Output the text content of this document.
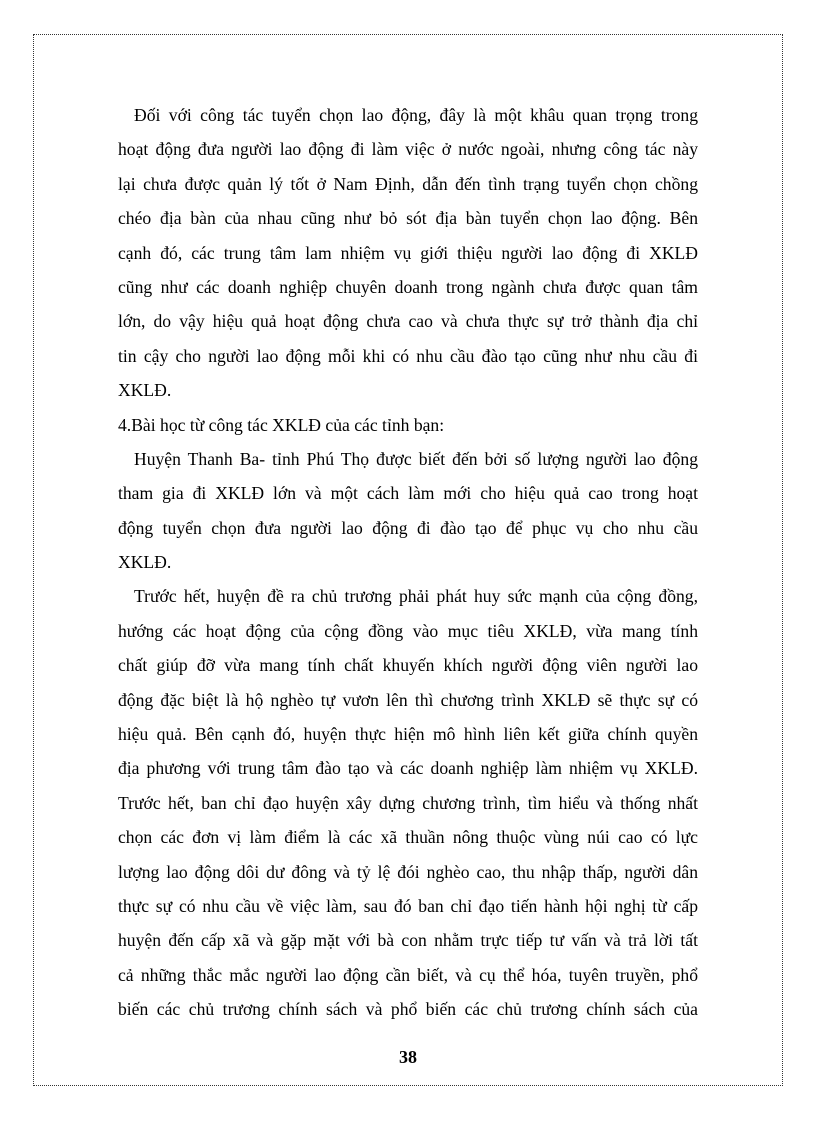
Đối với công tác tuyển chọn lao động, đây là một khâu quan trọng trong
hoạt động đưa người lao động đi làm việc ở nước ngoài, nhưng công tác này
lại chưa được quản lý tốt ở Nam Định, dẫn đến tình trạng tuyển chọn chồng
chéo địa bàn của nhau cũng như bỏ sót địa bàn tuyển chọn lao động. Bên
cạnh đó, các trung tâm lam nhiệm vụ giới thiệu người lao động đi XKLĐ
cũng như các doanh nghiệp chuyên doanh trong ngành chưa được quan tâm
lớn, do vậy hiệu quả hoạt động chưa cao và chưa thực sự trở thành địa chỉ
tin cậy cho người lao động mỗi khi có nhu cầu đào tạo cũng như nhu cầu đi
XKLĐ.
4.Bài học từ công tác XKLĐ của các tỉnh bạn:
Huyện Thanh Ba- tỉnh Phú Thọ được biết đến bởi số lượng người lao động
tham gia đi XKLĐ lớn và một cách làm mới cho hiệu quả cao trong hoạt
động tuyển chọn đưa người lao động đi đào tạo để phục vụ cho nhu cầu
XKLĐ.
Trước hết, huyện đề ra chủ trương phải phát huy sức mạnh của cộng đồng,
hướng các hoạt động của cộng đồng vào mục tiêu XKLĐ, vừa mang tính
chất giúp đỡ vừa mang tính chất khuyến khích người động viên người lao
động đặc biệt là hộ nghèo tự vươn lên thì chương trình XKLĐ sẽ thực sự có
hiệu quả. Bên cạnh đó, huyện thực hiện mô hình liên kết giữa chính quyền
địa phương với trung tâm đào tạo và các doanh nghiệp làm nhiệm vụ XKLĐ.
Trước hết, ban chỉ đạo huyện xây dựng chương trình, tìm hiểu và thống nhất
chọn các đơn vị làm điểm là các xã thuần nông thuộc vùng núi cao có lực
lượng lao động dôi dư đông và tỷ lệ đói nghèo cao, thu nhập thấp, người dân
thực sự có nhu cầu về việc làm, sau đó ban chỉ đạo tiến hành hội nghị từ cấp
huyện đến cấp xã và gặp mặt với bà con nhằm trực tiếp tư vấn và trả lời tất
cả những thắc mắc người lao động cần biết, và cụ thể hóa, tuyên truyền, phổ
biến các chủ trương chính sách và phổ biến các chủ trương chính sách của
38
